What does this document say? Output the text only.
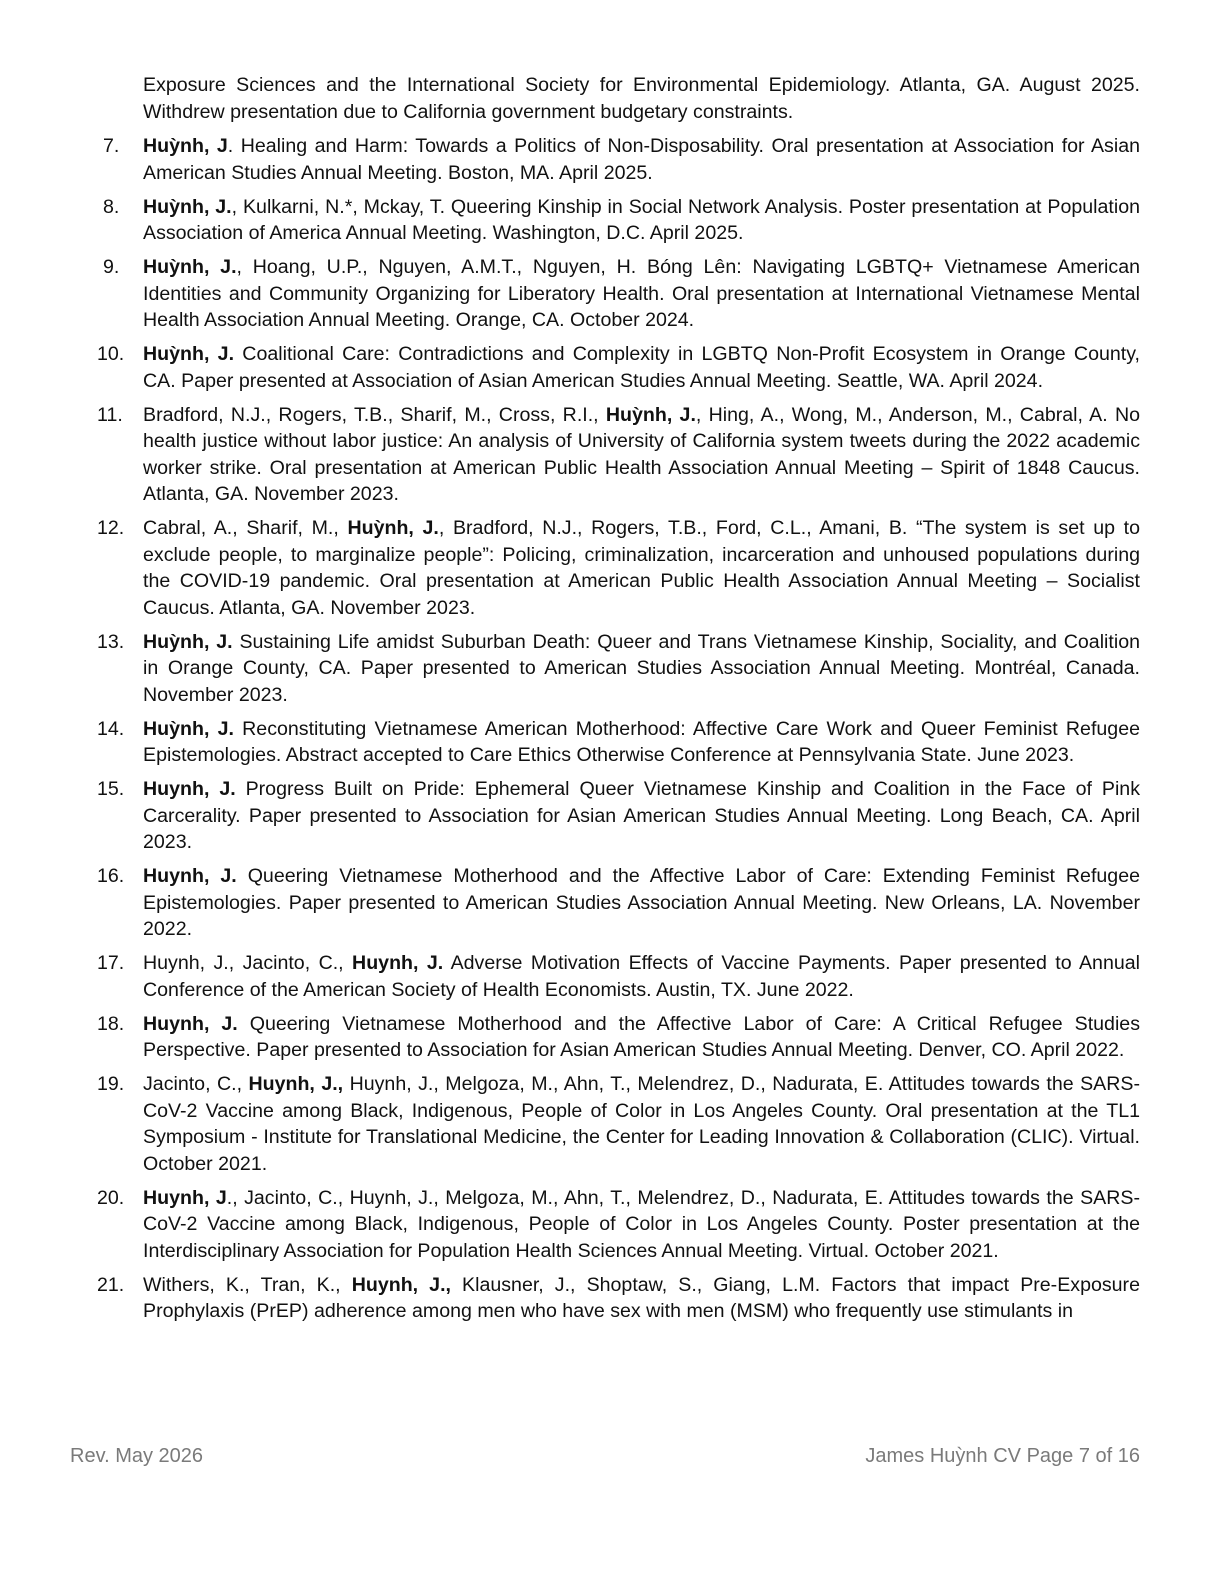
Exposure Sciences and the International Society for Environmental Epidemiology. Atlanta, GA. August 2025. Withdrew presentation due to California government budgetary constraints.
7. Huỳnh, J. Healing and Harm: Towards a Politics of Non-Disposability. Oral presentation at Association for Asian American Studies Annual Meeting. Boston, MA. April 2025.
8. Huỳnh, J., Kulkarni, N.*, Mckay, T. Queering Kinship in Social Network Analysis. Poster presentation at Population Association of America Annual Meeting. Washington, D.C. April 2025.
9. Huỳnh, J., Hoang, U.P., Nguyen, A.M.T., Nguyen, H. Bóng Lên: Navigating LGBTQ+ Vietnamese American Identities and Community Organizing for Liberatory Health. Oral presentation at International Vietnamese Mental Health Association Annual Meeting. Orange, CA. October 2024.
10. Huỳnh, J. Coalitional Care: Contradictions and Complexity in LGBTQ Non-Profit Ecosystem in Orange County, CA. Paper presented at Association of Asian American Studies Annual Meeting. Seattle, WA. April 2024.
11. Bradford, N.J., Rogers, T.B., Sharif, M., Cross, R.I., Huỳnh, J., Hing, A., Wong, M., Anderson, M., Cabral, A. No health justice without labor justice: An analysis of University of California system tweets during the 2022 academic worker strike. Oral presentation at American Public Health Association Annual Meeting – Spirit of 1848 Caucus. Atlanta, GA. November 2023.
12. Cabral, A., Sharif, M., Huỳnh, J., Bradford, N.J., Rogers, T.B., Ford, C.L., Amani, B. “The system is set up to exclude people, to marginalize people”: Policing, criminalization, incarceration and unhoused populations during the COVID-19 pandemic. Oral presentation at American Public Health Association Annual Meeting – Socialist Caucus. Atlanta, GA. November 2023.
13. Huỳnh, J. Sustaining Life amidst Suburban Death: Queer and Trans Vietnamese Kinship, Sociality, and Coalition in Orange County, CA. Paper presented to American Studies Association Annual Meeting. Montréal, Canada. November 2023.
14. Huỳnh, J. Reconstituting Vietnamese American Motherhood: Affective Care Work and Queer Feminist Refugee Epistemologies. Abstract accepted to Care Ethics Otherwise Conference at Pennsylvania State. June 2023.
15. Huynh, J. Progress Built on Pride: Ephemeral Queer Vietnamese Kinship and Coalition in the Face of Pink Carcerality. Paper presented to Association for Asian American Studies Annual Meeting. Long Beach, CA. April 2023.
16. Huynh, J. Queering Vietnamese Motherhood and the Affective Labor of Care: Extending Feminist Refugee Epistemologies. Paper presented to American Studies Association Annual Meeting. New Orleans, LA. November 2022.
17. Huynh, J., Jacinto, C., Huynh, J. Adverse Motivation Effects of Vaccine Payments. Paper presented to Annual Conference of the American Society of Health Economists. Austin, TX. June 2022.
18. Huynh, J. Queering Vietnamese Motherhood and the Affective Labor of Care: A Critical Refugee Studies Perspective. Paper presented to Association for Asian American Studies Annual Meeting. Denver, CO. April 2022.
19. Jacinto, C., Huynh, J., Huynh, J., Melgoza, M., Ahn, T., Melendrez, D., Nadurata, E. Attitudes towards the SARS-CoV-2 Vaccine among Black, Indigenous, People of Color in Los Angeles County. Oral presentation at the TL1 Symposium - Institute for Translational Medicine, the Center for Leading Innovation & Collaboration (CLIC). Virtual. October 2021.
20. Huynh, J., Jacinto, C., Huynh, J., Melgoza, M., Ahn, T., Melendrez, D., Nadurata, E. Attitudes towards the SARS-CoV-2 Vaccine among Black, Indigenous, People of Color in Los Angeles County. Poster presentation at the Interdisciplinary Association for Population Health Sciences Annual Meeting. Virtual. October 2021.
21. Withers, K., Tran, K., Huynh, J., Klausner, J., Shoptaw, S., Giang, L.M. Factors that impact Pre-Exposure Prophylaxis (PrEP) adherence among men who have sex with men (MSM) who frequently use stimulants in
Rev. May 2026	James Huỳnh CV Page 7 of 16
